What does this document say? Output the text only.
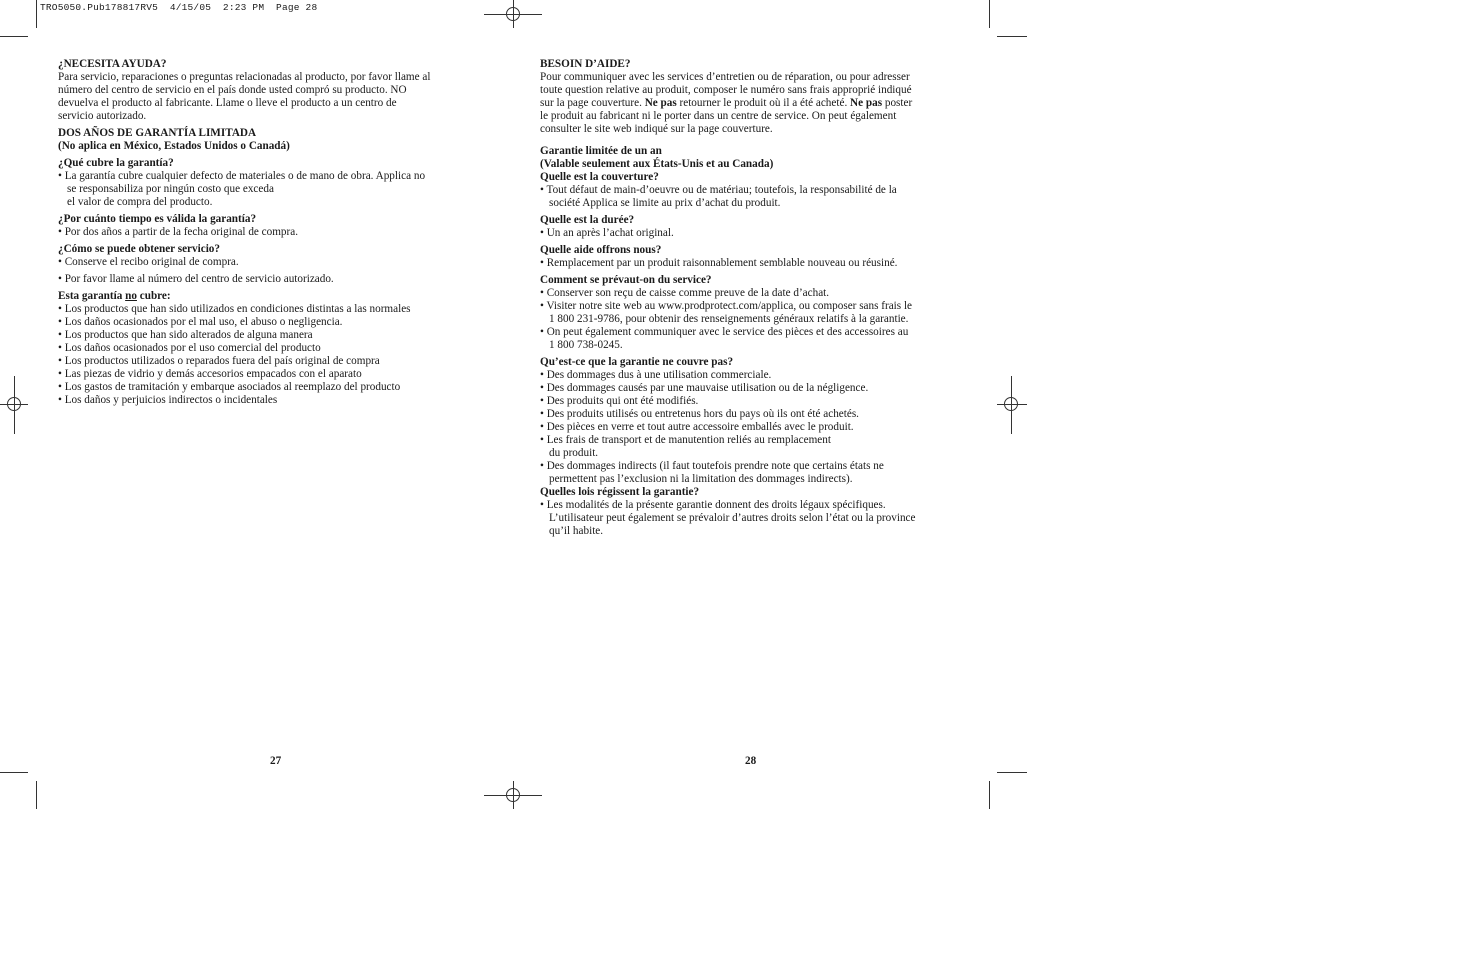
TRO5050.Pub178817RV5  4/15/05  2:23 PM  Page 28

¿NECESITA AYUDA?

Para servicio, reparaciones o preguntas relacionadas al producto, por favor llame al

número del centro de servicio en el país donde usted compró su producto. NO

devuelva el producto al fabricante. Llame o lleve el producto a un centro de

servicio autorizado.

DOS AÑOS DE GARANTÍA LIMITADA

(No aplica en México, Estados Unidos o Canadá)

¿Qué cubre la garantía?

• La garantía cubre cualquier defecto de materiales o de mano de obra. Applica no

se responsabiliza por ningún costo que exceda

el valor de compra del producto.

¿Por cuánto tiempo es válida la garantía?

• Por dos años a partir de la fecha original de compra.

¿Cómo se puede obtener servicio?

• Conserve el recibo original de compra.

• Por favor llame al número del centro de servicio autorizado.

Esta garantía no cubre:

• Los productos que han sido utilizados en condiciones distintas a las normales

• Los daños ocasionados por el mal uso, el abuso o negligencia.

• Los productos que han sido alterados de alguna manera

• Los daños ocasionados por el uso comercial del producto

• Los productos utilizados o reparados fuera del país original de compra

• Las piezas de vidrio y demás accesorios empacados con el aparato

• Los gastos de tramitación y embarque asociados al reemplazo del producto

• Los daños y perjuicios indirectos o incidentales

BESOIN D’AIDE?

Pour communiquer avec les services d’entretien ou de réparation, ou pour adresser

toute question relative au produit, composer le numéro sans frais approprié indiqué

sur la page couverture. Ne pas retourner le produit où il a été acheté. Ne pas poster

le produit au fabricant ni le porter dans un centre de service. On peut également

consulter le site web indiqué sur la page couverture.

Garantie limitée de un an

(Valable seulement aux États-Unis et au Canada)

Quelle est la couverture?

• Tout défaut de main-d’oeuvre ou de matériau; toutefois, la responsabilité de la

société Applica se limite au prix d’achat du produit.

Quelle est la durée?

• Un an après l’achat original.

Quelle aide offrons nous?

• Remplacement par un produit raisonnablement semblable nouveau ou réusiné.

Comment se prévaut-on du service?

• Conserver son reçu de caisse comme preuve de la date d’achat.

• Visiter notre site web au www.prodprotect.com/applica, ou composer sans frais le

1 800 231-9786, pour obtenir des renseignements généraux relatifs à la garantie.

• On peut également communiquer avec le service des pièces et des accessoires au

1 800 738-0245.

Qu’est-ce que la garantie ne couvre pas?

• Des dommages dus à une utilisation commerciale.

• Des dommages causés par une mauvaise utilisation ou de la négligence.

• Des produits qui ont été modifiés.

• Des produits utilisés ou entretenus hors du pays où ils ont été achetés.

• Des pièces en verre et tout autre accessoire emballés avec le produit.

• Les frais de transport et de manutention reliés au remplacement

du produit.

• Des dommages indirects (il faut toutefois prendre note que certains états ne

permettent pas l’exclusion ni la limitation des dommages indirects).

Quelles lois régissent la garantie?

• Les modalités de la présente garantie donnent des droits légaux spécifiques.

L’utilisateur peut également se prévaloir d’autres droits selon l’état ou la province

qu’il habite.

27	28
